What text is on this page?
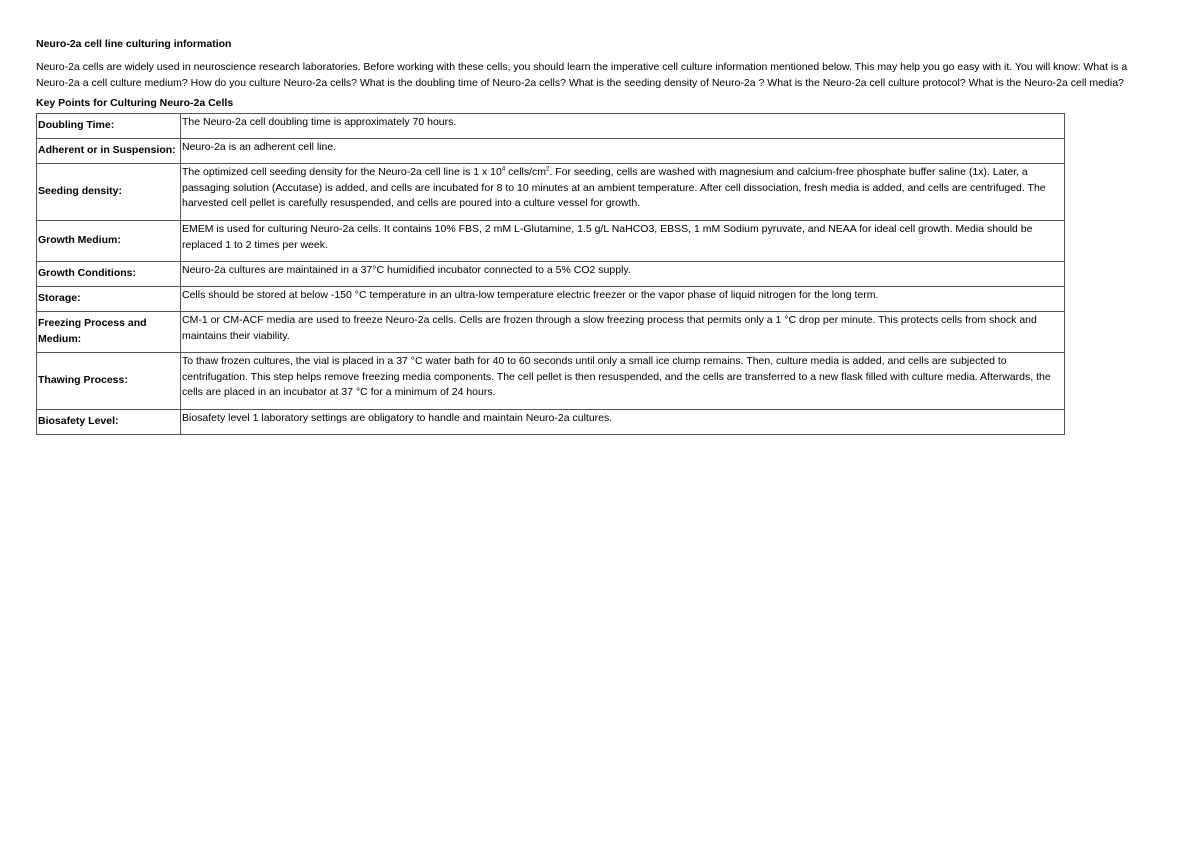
Neuro-2a cell line culturing information
Neuro-2a cells are widely used in neuroscience research laboratories. Before working with these cells, you should learn the imperative cell culture information mentioned below. This may help you go easy with it. You will know: What is a Neuro-2a a cell culture medium? How do you culture Neuro-2a cells? What is the doubling time of Neuro-2a cells? What is the seeding density of Neuro-2a ? What is the Neuro-2a cell culture protocol? What is the Neuro-2a cell media?
Key Points for Culturing Neuro-2a Cells
Doubling Time:	The Neuro-2a cell doubling time is approximately 70 hours.
Adherent or in Suspension:	Neuro-2a is an adherent cell line.
Seeding density:	The optimized cell seeding density for the Neuro-2a cell line is 1 x $10^4$ cells/$cm^2$. For seeding, cells are washed with magnesium and calcium-free phosphate buffer saline (1x). Later, a passaging solution (Accutase) is added, and cells are incubated for 8 to 10 minutes at an ambient temperature. After cell dissociation, fresh media is added, and cells are centrifuged. The harvested cell pellet is carefully resuspended, and cells are poured into a culture vessel for growth.
Growth Medium:	EMEM is used for culturing Neuro-2a cells. It contains 10% FBS, 2 mM L-Glutamine, 1.5 g/L NaHCO3, EBSS, 1 mM Sodium pyruvate, and NEAA for ideal cell growth. Media should be replaced 1 to 2 times per week.
Growth Conditions:	Neuro-2a cultures are maintained in a 37°C humidified incubator connected to a 5% CO2 supply.
Storage:	Cells should be stored at below -150 °C temperature in an ultra-low temperature electric freezer or the vapor phase of liquid nitrogen for the long term.
Freezing Process and Medium:	CM-1 or CM-ACF media are used to freeze Neuro-2a cells. Cells are frozen through a slow freezing process that permits only a 1 °C drop per minute. This protects cells from shock and maintains their viability.
Thawing Process:	To thaw frozen cultures, the vial is placed in a 37 °C water bath for 40 to 60 seconds until only a small ice clump remains. Then, culture media is added, and cells are subjected to centrifugation. This step helps remove freezing media components. The cell pellet is then resuspended, and the cells are transferred to a new flask filled with culture media. Afterwards, the cells are placed in an incubator at 37 °C for a minimum of 24 hours.
Biosafety Level:	Biosafety level 1 laboratory settings are obligatory to handle and maintain Neuro-2a cultures.
